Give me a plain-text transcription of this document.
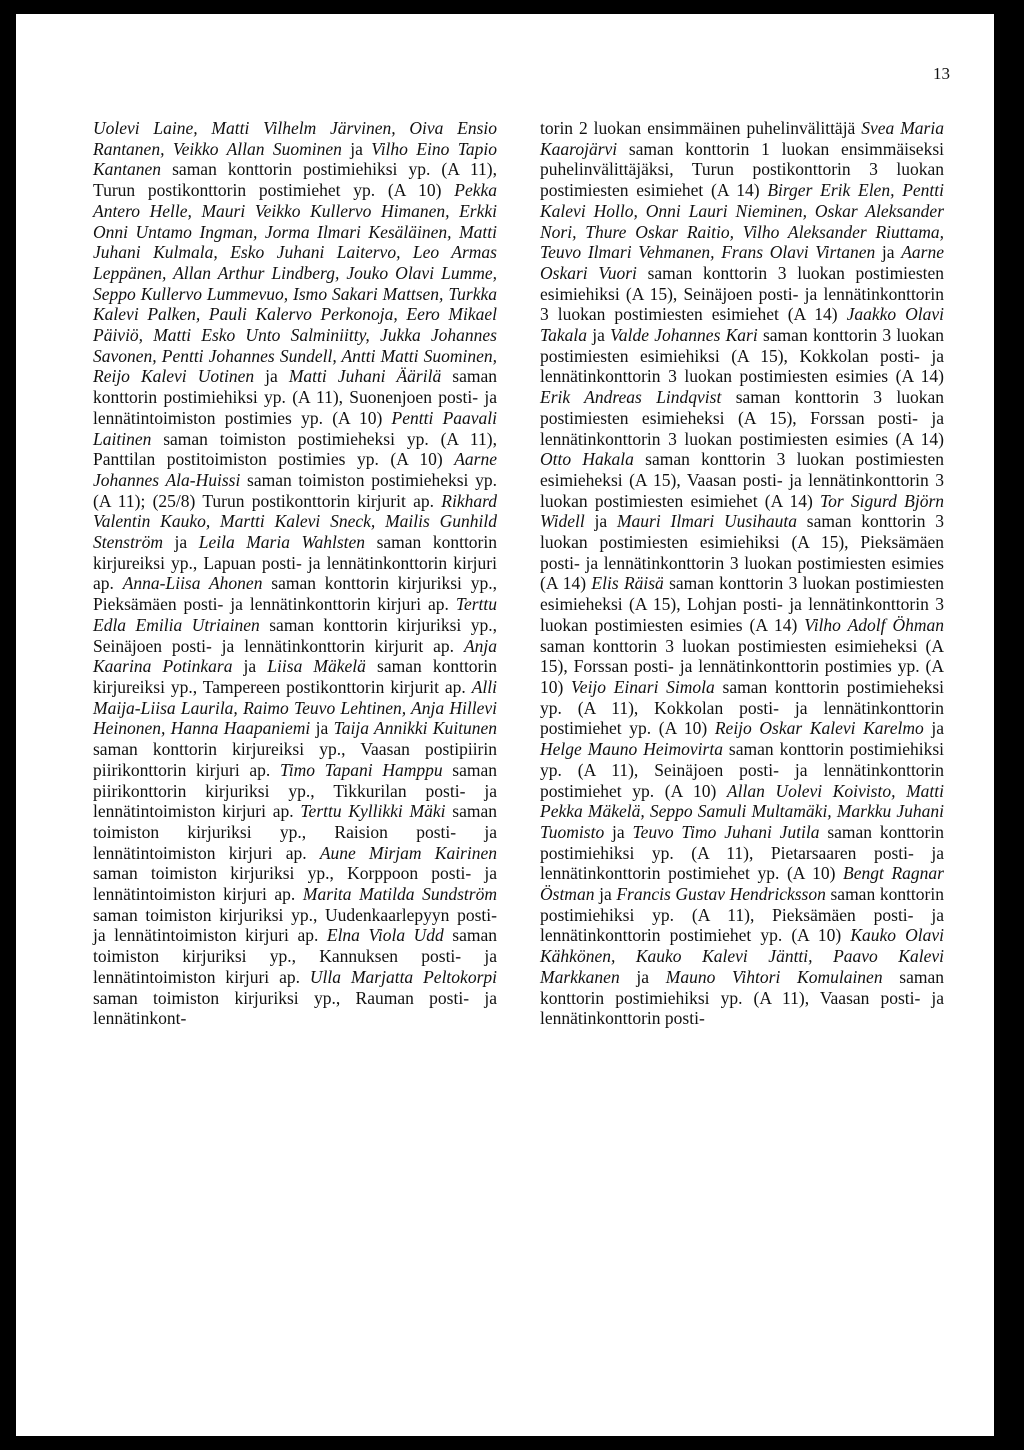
13

Uolevi Laine, Matti Vilhelm Järvinen, Oiva Ensio Rantanen, Veikko Allan Suominen ja Vilho Eino Tapio Kantanen saman konttorin postimiehiksi yp. (A 11), Turun postikonttorin postimiehet yp. (A 10) Pekka Antero Helle, Mauri Veikko Kullervo Himanen, Erkki Onni Untamo Ingman, Jorma Ilmari Kesäläinen, Matti Juhani Kulmala, Esko Juhani Laitervo, Leo Armas Leppänen, Allan Arthur Lindberg, Jouko Olavi Lumme, Seppo Kullervo Lummevuo, Ismo Sakari Mattsen, Turkka Kalevi Palken, Pauli Kalervo Perkonoja, Eero Mikael Päiviö, Matti Esko Unto Salminiitty, Jukka Johannes Savonen, Pentti Johannes Sundell, Antti Matti Suominen, Reijo Kalevi Uotinen ja Matti Juhani Äärilä saman konttorin postimiehiksi yp. (A 11), Suonenjoen posti- ja lennätintoimiston postimies yp. (A 10) Pentti Paavali Laitinen saman toimiston postimieheksi yp. (A 11), Panttilan postitoimiston postimies yp. (A 10) Aarne Johannes Ala-Huissi saman toimiston postimieheksi yp. (A 11); (25/8) Turun postikonttorin kirjurit ap. Rikhard Valentin Kauko, Martti Kalevi Sneck, Mailis Gunhild Stenström ja Leila Maria Wahlsten saman konttorin kirjureiksi yp., Lapuan posti- ja lennätinkonttorin kirjuri ap. Anna-Liisa Ahonen saman konttorin kirjuriksi yp., Pieksämäen posti- ja lennätinkonttorin kirjuri ap. Terttu Edla Emilia Utriainen saman konttorin kirjuriksi yp., Seinäjoen posti- ja lennätinkonttorin kirjurit ap. Anja Kaarina Potinkara ja Liisa Mäkelä saman konttorin kirjureiksi yp., Tampereen postikonttorin kirjurit ap. Alli Maija-Liisa Laurila, Raimo Teuvo Lehtinen, Anja Hillevi Heinonen, Hanna Haapaniemi ja Taija Annikki Kuitunen saman konttorin kirjureiksi yp., Vaasan postipiirin piirikonttorin kirjuri ap. Timo Tapani Hamppu saman piirikonttorin kirjuriksi yp., Tikkurilan posti- ja lennätintoimiston kirjuri ap. Terttu Kyllikki Mäki saman toimiston kirjuriksi yp., Raision posti- ja lennätintoimiston kirjuri ap. Aune Mirjam Kairinen saman toimiston kirjuriksi yp., Korppoon posti- ja lennätintoimiston kirjuri ap. Marita Matilda Sundström saman toimiston kirjuriksi yp., Uudenkaarlepyyn posti- ja lennätintoimiston kirjuri ap. Elna Viola Udd saman toimiston kirjuriksi yp., Kannuksen posti- ja lennätintoimiston kirjuri ap. Ulla Marjatta Peltokorpi saman toimiston kirjuriksi yp., Rauman posti- ja lennätinkont-

torin 2 luokan ensimmäinen puhelinvälittäjä Svea Maria Kaarojärvi saman konttorin 1 luokan ensimmäiseksi puhelinvälittäjäksi, Turun postikonttorin 3 luokan postimiesten esimiehet (A 14) Birger Erik Elen, Pentti Kalevi Hollo, Onni Lauri Nieminen, Oskar Aleksander Nori, Thure Oskar Raitio, Vilho Aleksander Riuttama, Teuvo Ilmari Vehmanen, Frans Olavi Virtanen ja Aarne Oskari Vuori saman konttorin 3 luokan postimiesten esimiehiksi (A 15), Seinäjoen posti- ja lennätinkonttorin 3 luokan postimiesten esimiehet (A 14) Jaakko Olavi Takala ja Valde Johannes Kari saman konttorin 3 luokan postimiesten esimiehiksi (A 15), Kokkolan posti- ja lennätinkonttorin 3 luokan postimiesten esimies (A 14) Erik Andreas Lindqvist saman konttorin 3 luokan postimiesten esimieheksi (A 15), Forssan posti- ja lennätinkonttorin 3 luokan postimiesten esimies (A 14) Otto Hakala saman konttorin 3 luokan postimiesten esimieheksi (A 15), Vaasan posti- ja lennätinkonttorin 3 luokan postimiesten esimiehet (A 14) Tor Sigurd Björn Widell ja Mauri Ilmari Uusihauta saman konttorin 3 luokan postimiesten esimiehiksi (A 15), Pieksämäen posti- ja lennätinkonttorin 3 luokan postimiesten esimies (A 14) Elis Räisä saman konttorin 3 luokan postimiesten esimieheksi (A 15), Lohjan posti- ja lennätinkonttorin 3 luokan postimiesten esimies (A 14) Vilho Adolf Öhman saman konttorin 3 luokan postimiesten esimieheksi (A 15), Forssan posti- ja lennätinkonttorin postimies yp. (A 10) Veijo Einari Simola saman konttorin postimieheksi yp. (A 11), Kokkolan posti- ja lennätinkonttorin postimiehet yp. (A 10) Reijo Oskar Kalevi Karelmo ja Helge Mauno Heimovirta saman konttorin postimiehiksi yp. (A 11), Seinäjoen posti- ja lennätinkonttorin postimiehet yp. (A 10) Allan Uolevi Koivisto, Matti Pekka Mäkelä, Seppo Samuli Multamäki, Markku Juhani Tuomisto ja Teuvo Timo Juhani Jutila saman konttorin postimiehiksi yp. (A 11), Pietarsaaren posti- ja lennätinkonttorin postimiehet yp. (A 10) Bengt Ragnar Östman ja Francis Gustav Hendricksson saman konttorin postimiehiksi yp. (A 11), Pieksämäen posti- ja lennätinkonttorin postimiehet yp. (A 10) Kauko Olavi Kähkönen, Kauko Kalevi Jäntti, Paavo Kalevi Markkanen ja Mauno Vihtori Komulainen saman konttorin postimiehiksi yp. (A 11), Vaasan posti- ja lennätinkonttorin posti-
